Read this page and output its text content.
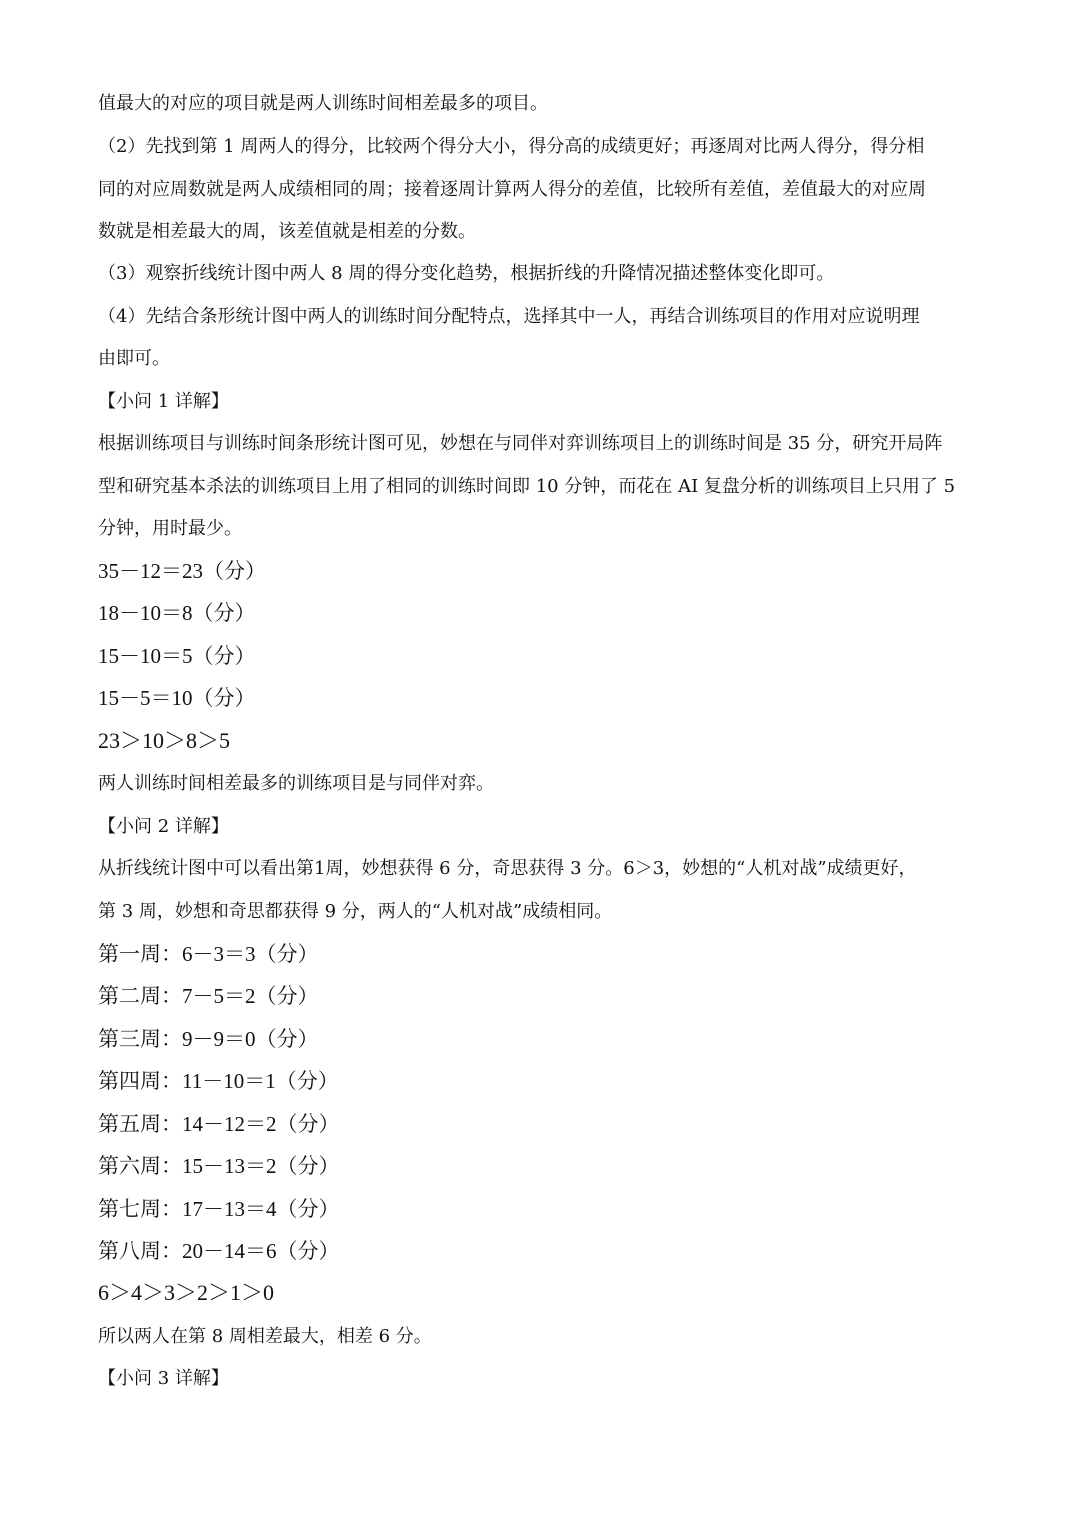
值最大的对应的项目就是两人训练时间相差最多的项目。
（2）先找到第 1 周两人的得分，比较两个得分大小，得分高的成绩更好；再逐周对比两人得分，得分相
同的对应周数就是两人成绩相同的周；接着逐周计算两人得分的差值，比较所有差值，差值最大的对应周
数就是相差最大的周，该差值就是相差的分数。
（3）观察折线统计图中两人 8 周的得分变化趋势，根据折线的升降情况描述整体变化即可。
（4）先结合条形统计图中两人的训练时间分配特点，选择其中一人，再结合训练项目的作用对应说明理
由即可。
【小问 1 详解】
根据训练项目与训练时间条形统计图可见，妙想在与同伴对弈训练项目上的训练时间是 35 分，研究开局阵
型和研究基本杀法的训练项目上用了相同的训练时间即 10 分钟，而花在 AI 复盘分析的训练项目上只用了 5
分钟，用时最少。
35－12＝23（分）
18－10＝8（分）
15－10＝5（分）
15－5＝10（分）
23＞10＞8＞5
两人训练时间相差最多的训练项目是与同伴对弈。
【小问 2 详解】
从折线统计图中可以看出第1周，妙想获得 6 分，奇思获得 3 分。6＞3，妙想的“人机对战”成绩更好，
第 3 周，妙想和奇思都获得 9 分，两人的“人机对战”成绩相同。
第一周：6－3＝3（分）
第二周：7－5＝2（分）
第三周：9－9＝0（分）
第四周：11－10＝1（分）
第五周：14－12＝2（分）
第六周：15－13＝2（分）
第七周：17－13＝4（分）
第八周：20－14＝6（分）
6＞4＞3＞2＞1＞0
所以两人在第 8 周相差最大，相差 6 分。
【小问 3 详解】
